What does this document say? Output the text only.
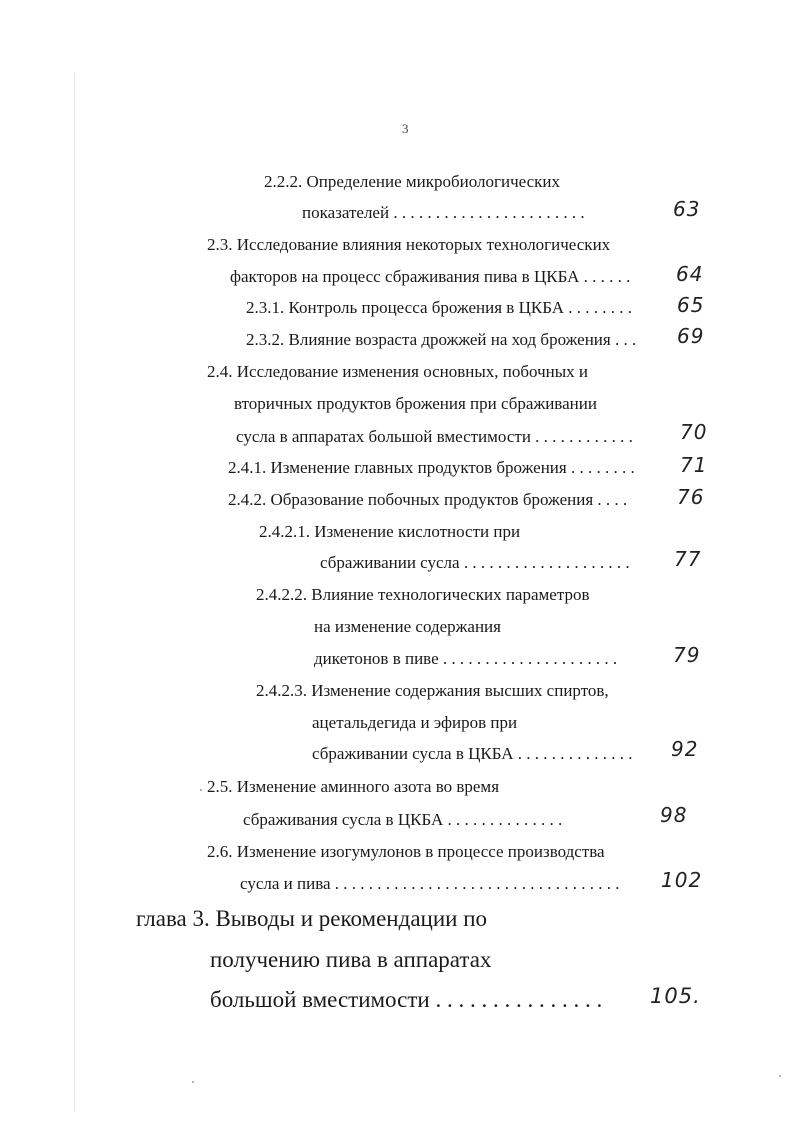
3
2.2.2. Определение микробиологических
показателей . . . . . . . . . . . . . . . . . . . . . . .	63
2.3. Исследование влияния некоторых технологических
факторов на процесс сбраживания пива в ЦКБА . . . . . . 64
2.3.1. Контроль процесса брожения в ЦКБА . . . . . . . . 65
2.3.2. Влияние возраста дрожжей на ход брожения . . . 69
2.4. Исследование изменения основных, побочных и
вторичных продуктов брожения при сбраживании
сусла в аппаратах большой вместимости . . . . . . . . . . . . 70
2.4.1. Изменение главных продуктов брожения . . . . . . . . 71
2.4.2. Образование побочных продуктов брожения . . . . 76
2.4.2.1. Изменение кислотности при
сбраживании сусла . . . . . . . . . . . . . . . . . . . . 77
2.4.2.2. Влияние технологических параметров
на изменение содержания
дикетонов в пиве . . . . . . . . . . . . . . . . . . . . .	79
2.4.2.3. Изменение содержания высших спиртов,
ацетальдегида и эфиров при
сбраживании сусла в ЦКБА . . . . . . . . . . . . . . 92
2.5. Изменение аминного азота во время
сбраживания сусла в ЦКБА . . . . . . . . . . . . . .	98
2.6. Изменение изогумулонов в процессе производства
сусла и пива . . . . . . . . . . . . . . . . . . . . . . . . . . . . . . . . . . 102
глава 3. Выводы и рекомендации по
получению пива в аппаратах
большой вместимости . . . . . . . . . . . . . . . 105.
